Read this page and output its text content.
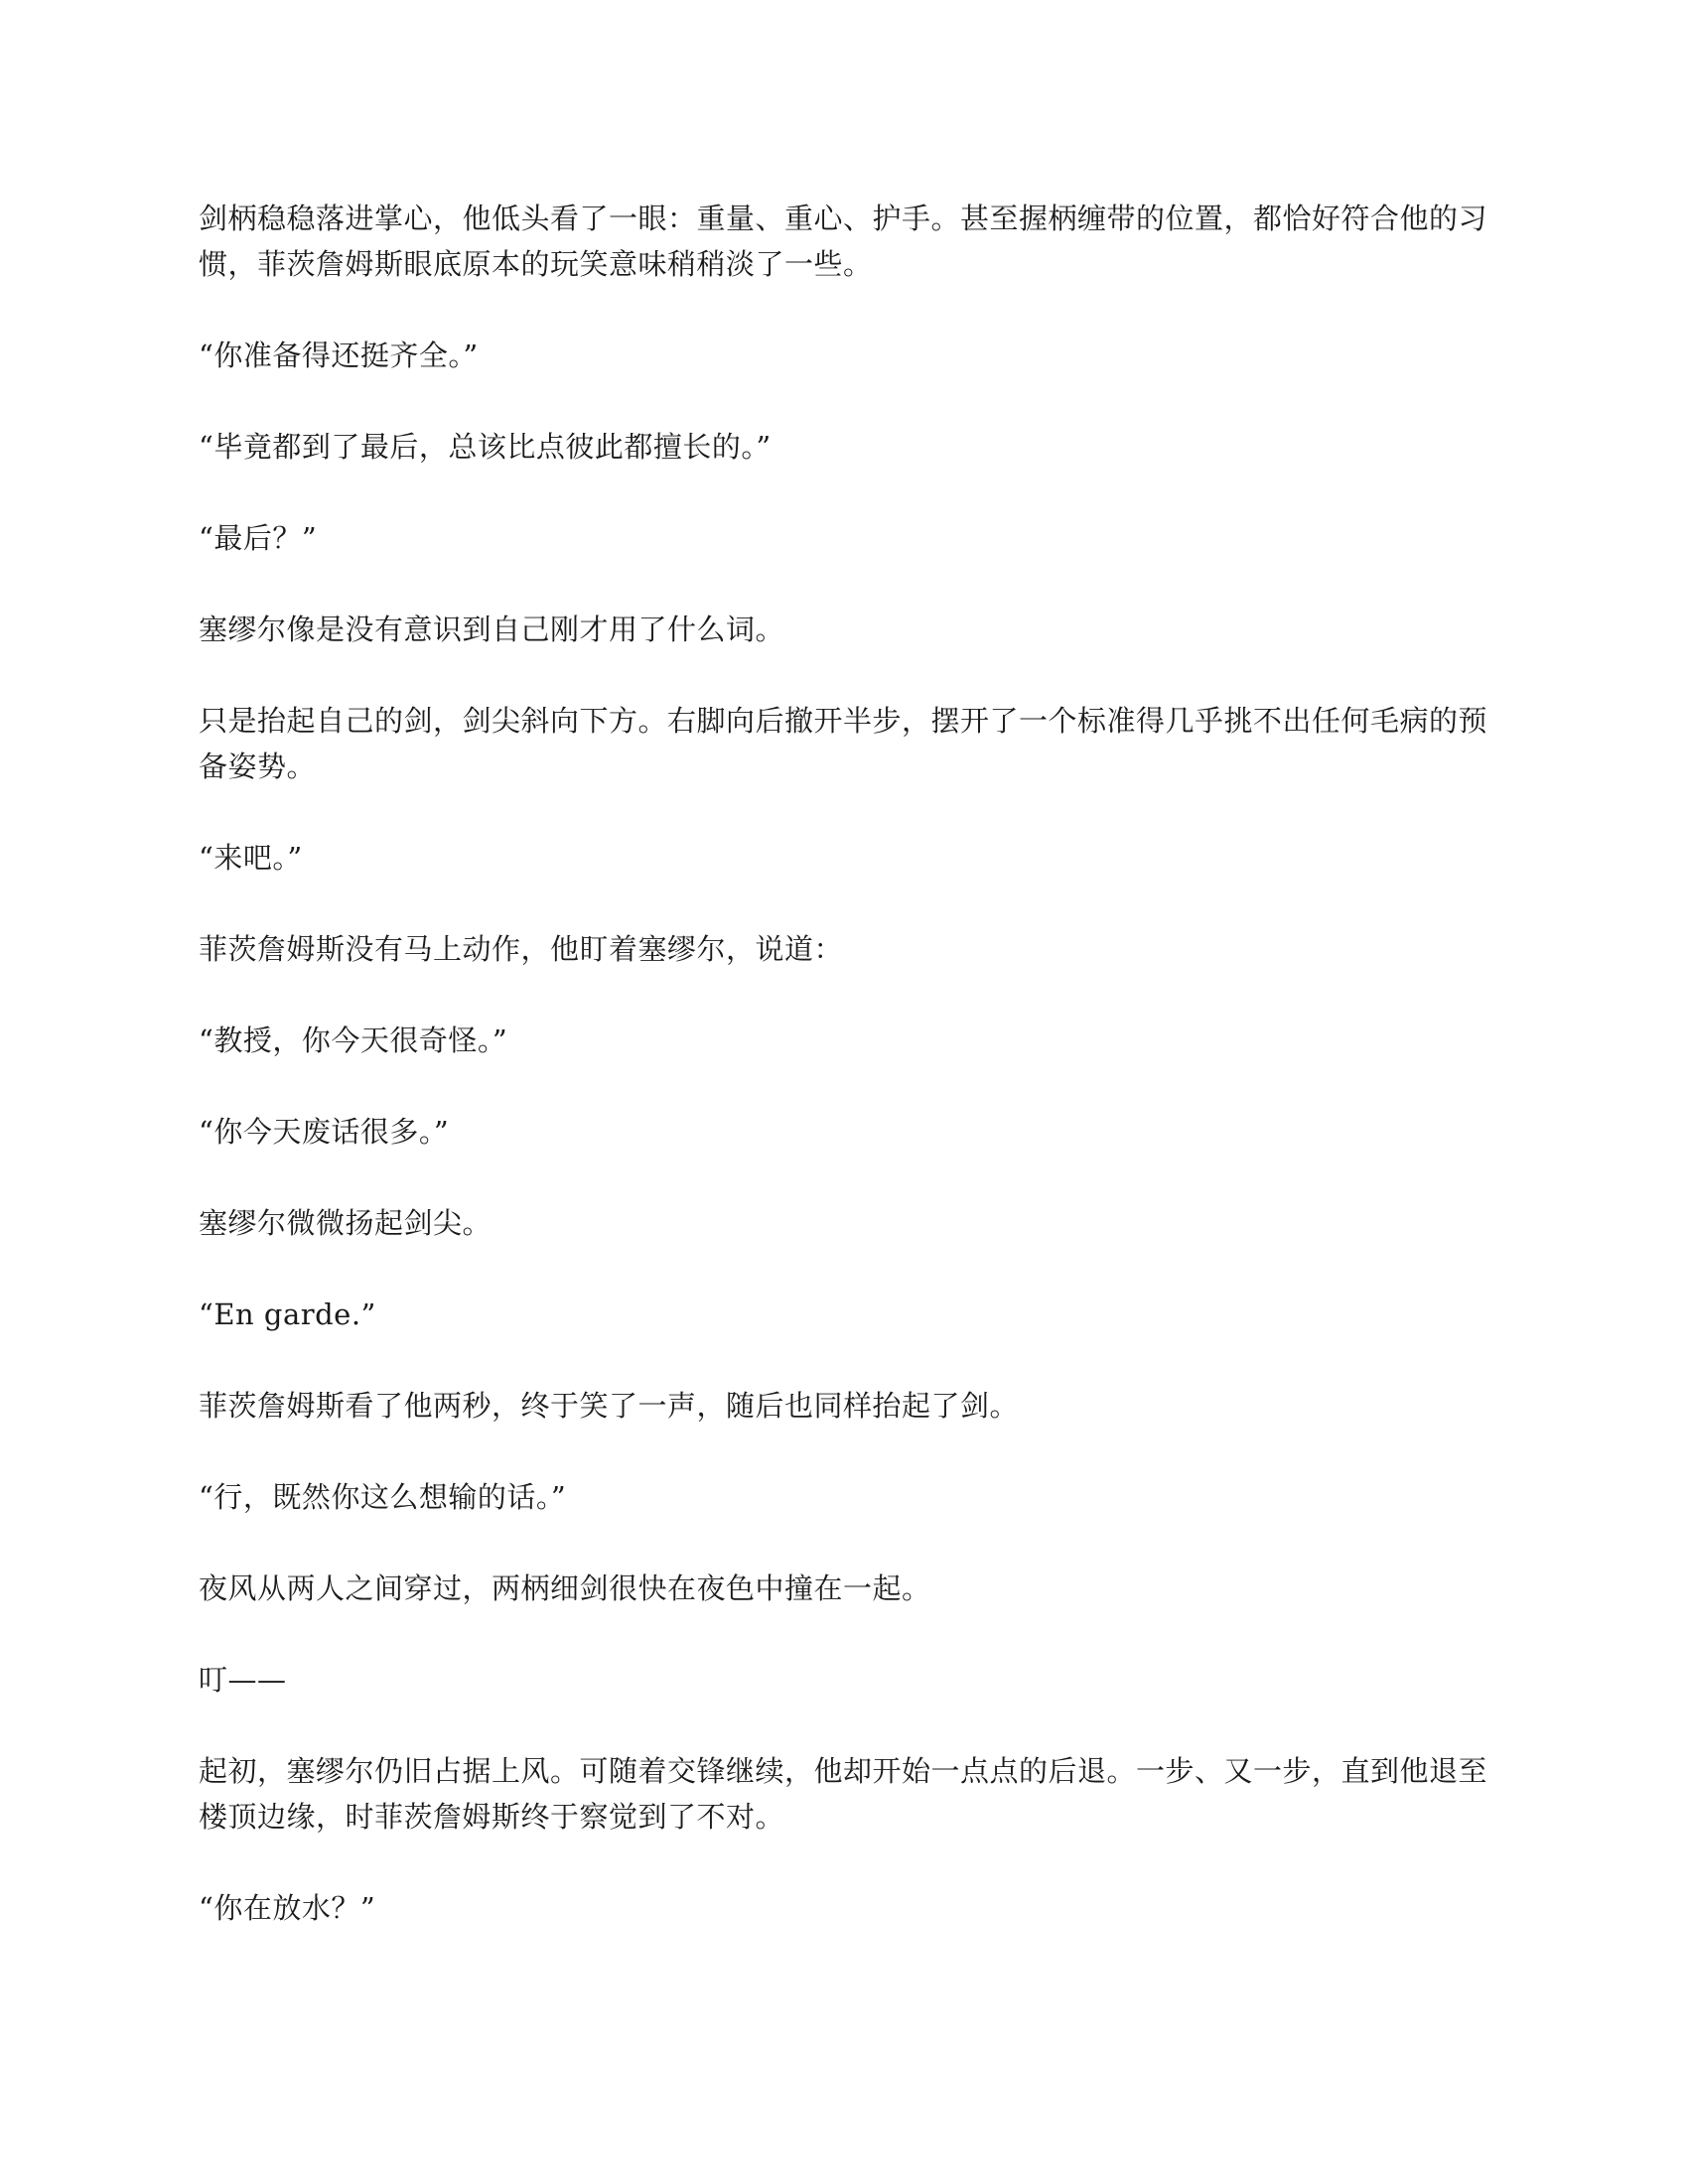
剑柄稳稳落进掌心，他低头看了一眼：重量、重心、护手。甚至握柄缠带的位置，都恰好符合他的习惯，菲茨詹姆斯眼底原本的玩笑意味稍稍淡了一些。

“你准备得还挺齐全。”

“毕竟都到了最后，总该比点彼此都擅长的。”

“最后？”

塞缪尔像是没有意识到自己刚才用了什么词。

只是抬起自己的剑，剑尖斜向下方。右脚向后撤开半步，摆开了一个标准得几乎挑不出任何毛病的预备姿势。

“来吧。”

菲茨詹姆斯没有马上动作，他盯着塞缪尔，说道：

“教授，你今天很奇怪。”

“你今天废话很多。”

塞缪尔微微扬起剑尖。

“En garde.”

菲茨詹姆斯看了他两秒，终于笑了一声，随后也同样抬起了剑。

“行，既然你这么想输的话。”

夜风从两人之间穿过，两柄细剑很快在夜色中撞在一起。

叮——

起初，塞缪尔仍旧占据上风。可随着交锋继续，他却开始一点点的后退。一步、又一步，直到他退至楼顶边缘，时菲茨詹姆斯终于察觉到了不对。

“你在放水？”
